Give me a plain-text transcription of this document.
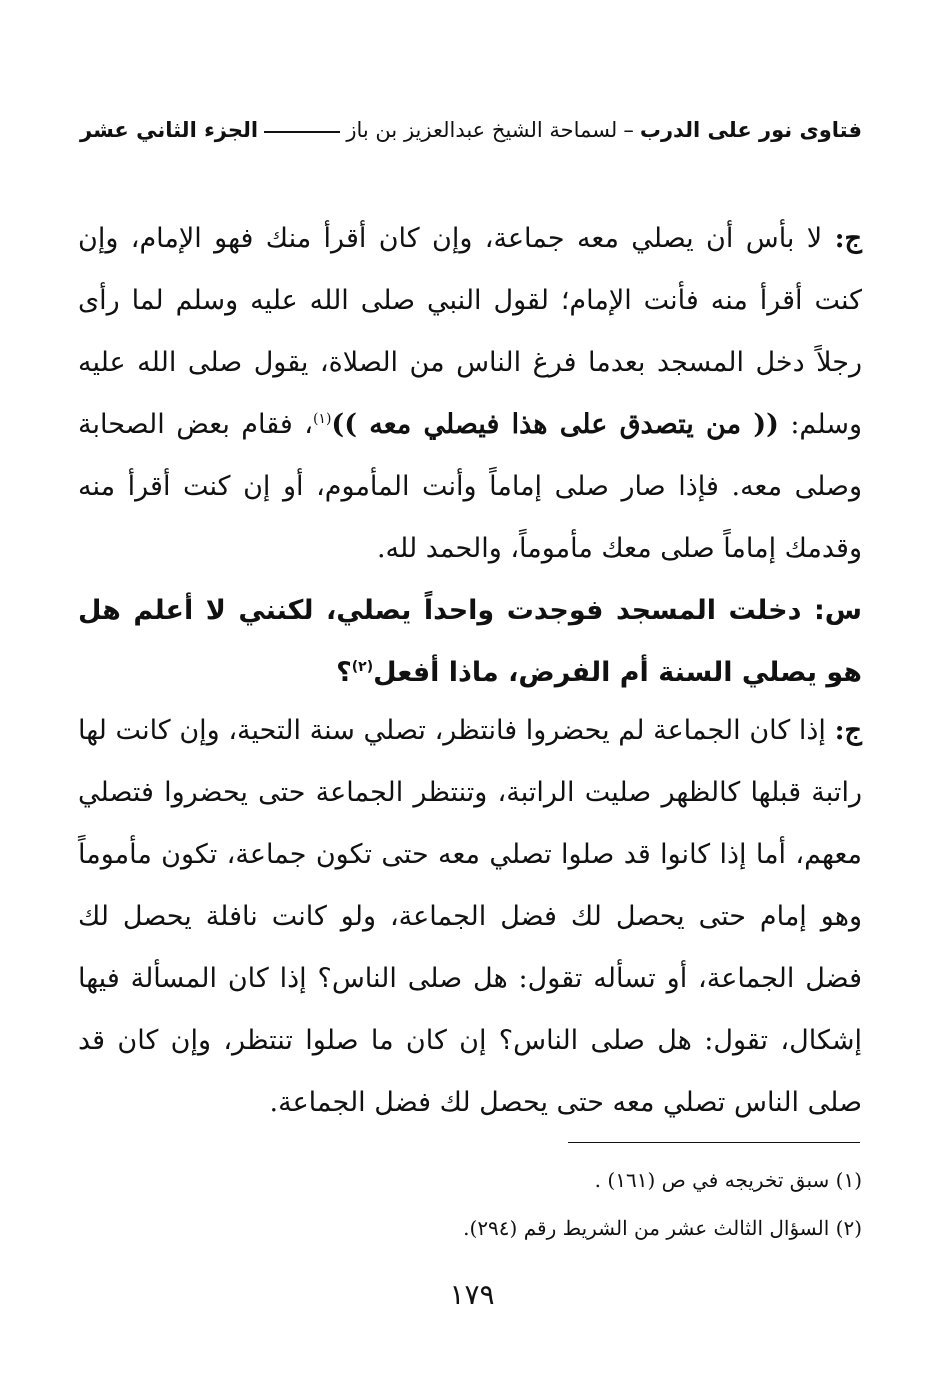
فتاوى نور على الدرب
–
لسماحة الشيخ عبدالعزيز بن باز
الجزء الثاني عشر

ج: لا بأس أن يصلي معه جماعة، وإن كان أقرأ منك فهو الإمام، وإن كنت أقرأ منه فأنت الإمام؛ لقول النبي صلى الله عليه وسلم لما رأى رجلاً دخل المسجد بعدما فرغ الناس من الصلاة، يقول صلى الله عليه وسلم: (( من يتصدق على هذا فيصلي معه ))$^{(١)}$، فقام بعض الصحابة وصلى معه. فإذا صار صلى إماماً وأنت المأموم، أو إن كنت أقرأ منه وقدمك إماماً صلى معك مأموماً، والحمد لله.

س: دخلت المسجد فوجدت واحداً يصلي، لكنني لا أعلم هل هو يصلي السنة أم الفرض، ماذا أفعل$^{(٢)}$؟

ج: إذا كان الجماعة لم يحضروا فانتظر، تصلي سنة التحية، وإن كانت لها راتبة قبلها كالظهر صليت الراتبة، وتنتظر الجماعة حتى يحضروا فتصلي معهم، أما إذا كانوا قد صلوا تصلي معه حتى تكون جماعة، تكون مأموماً وهو إمام حتى يحصل لك فضل الجماعة، ولو كانت نافلة يحصل لك فضل الجماعة، أو تسأله تقول: هل صلى الناس؟ إذا كان المسألة فيها إشكال، تقول: هل صلى الناس؟ إن كان ما صلوا تنتظر، وإن كان قد صلى الناس تصلي معه حتى يحصل لك فضل الجماعة.

(١) سبق تخريجه في ص (١٦١) .
(٢) السؤال الثالث عشر من الشريط رقم (٢٩٤).
١٧٩
